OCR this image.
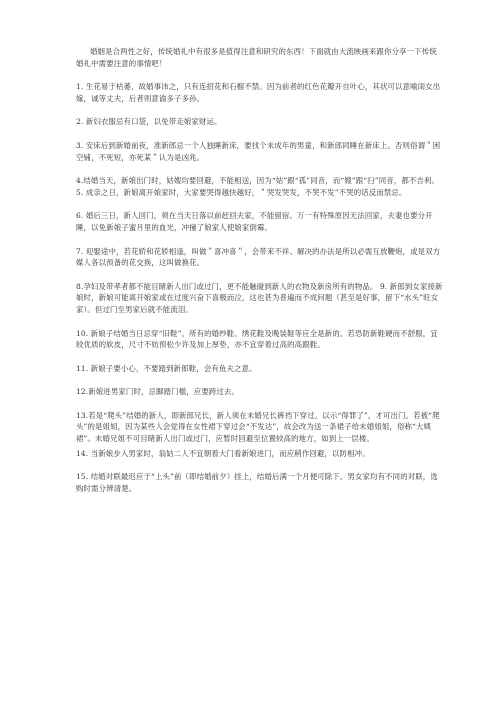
婚姻是合两性之好，传统婚礼中有很多是值得注意和研究的东西！下面就由大流映画来跟你分享一下传统婚礼中需要注意的事情吧！

1. 生花易于枯萎，故婚事讳之，只有连招花和石榴不禁。因为前者的红色花瓣开自叶心，其状可以意喻闺女出嫁，诚等丈夫，后者则意谕多子多孙。

2. 新妇衣服忌有口袋，以免带走娘家财运。

3. 安床后到新婚前夜，准新郎忌一个人独睡新床，要找个未成年的男童，和新郎同睡在新床上。否则俗谓＂困空铺，不死短，亦死某＂认为是凶兆。

4.结婚当天，新娘出门时，姑嫂均要回避，不能相送，因为“姑”跟“孤”同音，而“嫂”跟“扫”同音，都不吉利。 5. 成亲之日，新娘离开娘家时，大家要哭得越快越好，＂哭发哭发，不哭不发”不哭的话反而禁忌。

6. 婚后三日，新人回门，须在当天日落以前赶回夫家，不能留宿。万一有特殊原因无法回家，夫妻也要分开睡，以免新娘子蜜月里的血光，冲撞了娘家人使娘家倒霉。

7. 迎娶途中，若花轿和花轿相逢，叫做＂喜冲喜＂，会带来不祥。解决的办法是所以必需互放鞭炮，或是双方媒人各以预备的花交换，这叫做换花。

8.孕妇及带孝者都不能目睹新人出门或过门，更不能触碰到新人的衣物及新房所有的物品。 9. 新郎到女家接新娘时，新娘可能离开娘家或在过度兴奋下喜极而泣，这也甚为普遍而不成问题（甚至是好事，留下“水头”旺女家）。但过门至男家后就不能流泪。

10. 新娘子结婚当日忌穿“旧鞋”。所有的婚纱鞋、绣花鞋及晚装鞋等应全是新的。若恐防新鞋硬而不舒服，宜较优质的软皮，尺寸不妨预松少许及加上厚垫，亦不宜穿着过高的高跟鞋。

11. 新娘子要小心，不要踏到新郎鞋，会有鱼夫之意。

12.新娘进男家门时，忌脚踏门槛，应要跨过去。

13.若是“爬头”结婚的新人，即新郎兄长，新人须在未婚兄长裤裆下穿过，以示“得罪了”，才可出门。若被“爬头”的是姐姐，因为某些人会觉得在女性裙下穿过会“不发达”，故会改为送一条裙子给未婚姐姐，俗称“大姨裙”。未婚兄姐不可目睹新人出门或过门，应暂时回避至位置较高的地方，如到上一层楼。

14. 当新娘步入男家时，翁姑二人不宜朝着大门看新娘进门，而应稍作回避，以防相冲。

15. 结婚对联最迟应于“上头”前（即结婚前夕）挂上，结婚后满一个月便可除下。男女家均有不同的对联，选购时需分辨清楚。
